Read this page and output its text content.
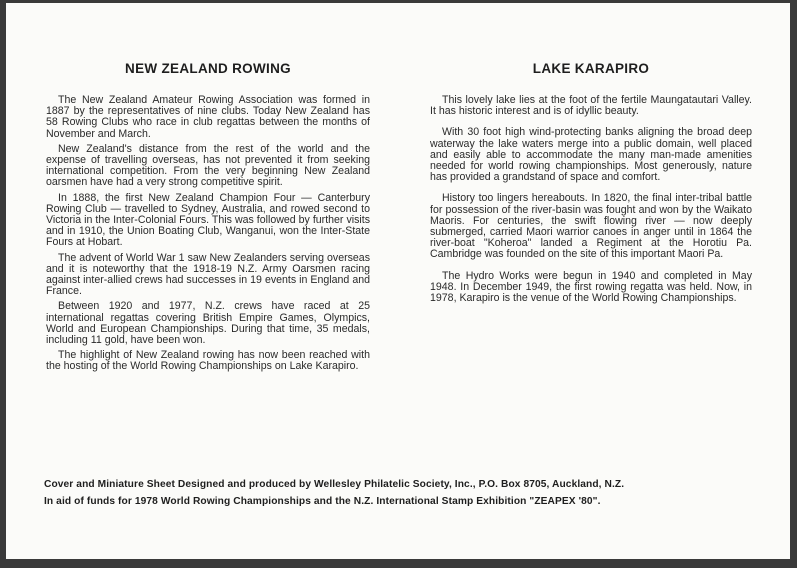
NEW ZEALAND ROWING

The New Zealand Amateur Rowing Association was formed in 1887 by the representatives of nine clubs. Today New Zealand has 58 Rowing Clubs who race in club regattas between the months of November and March.

New Zealand's distance from the rest of the world and the expense of travelling overseas, has not prevented it from seeking international competition. From the very beginning New Zealand oarsmen have had a very strong competitive spirit.

In 1888, the first New Zealand Champion Four — Canterbury Rowing Club — travelled to Sydney, Australia, and rowed second to Victoria in the Inter-Colonial Fours. This was followed by further visits and in 1910, the Union Boating Club, Wanganui, won the Inter-State Fours at Hobart.

The advent of World War 1 saw New Zealanders serving overseas and it is noteworthy that the 1918-19 N.Z. Army Oarsmen racing against inter-allied crews had successes in 19 events in England and France.

Between 1920 and 1977, N.Z. crews have raced at 25 international regattas covering British Empire Games, Olympics, World and European Championships. During that time, 35 medals, including 11 gold, have been won.

The highlight of New Zealand rowing has now been reached with the hosting of the World Rowing Championships on Lake Karapiro.

LAKE KARAPIRO

This lovely lake lies at the foot of the fertile Maungatautari Valley. It has historic interest and is of idyllic beauty.

With 30 foot high wind-protecting banks aligning the broad deep waterway the lake waters merge into a public domain, well placed and easily able to accommodate the many man-made amenities needed for world rowing championships. Most generously, nature has provided a grandstand of space and comfort.

History too lingers hereabouts. In 1820, the final inter-tribal battle for possession of the river-basin was fought and won by the Waikato Maoris. For centuries, the swift flowing river — now deeply submerged, carried Maori warrior canoes in anger until in 1864 the river-boat "Koheroa" landed a Regiment at the Horotiu Pa. Cambridge was founded on the site of this important Maori Pa.

The Hydro Works were begun in 1940 and completed in May 1948. In December 1949, the first rowing regatta was held. Now, in 1978, Karapiro is the venue of the World Rowing Championships.

Cover and Miniature Sheet Designed and produced by Wellesley Philatelic Society, Inc., P.O. Box 8705, Auckland, N.Z.
In aid of funds for 1978 World Rowing Championships and the N.Z. International Stamp Exhibition "ZEAPEX '80".
